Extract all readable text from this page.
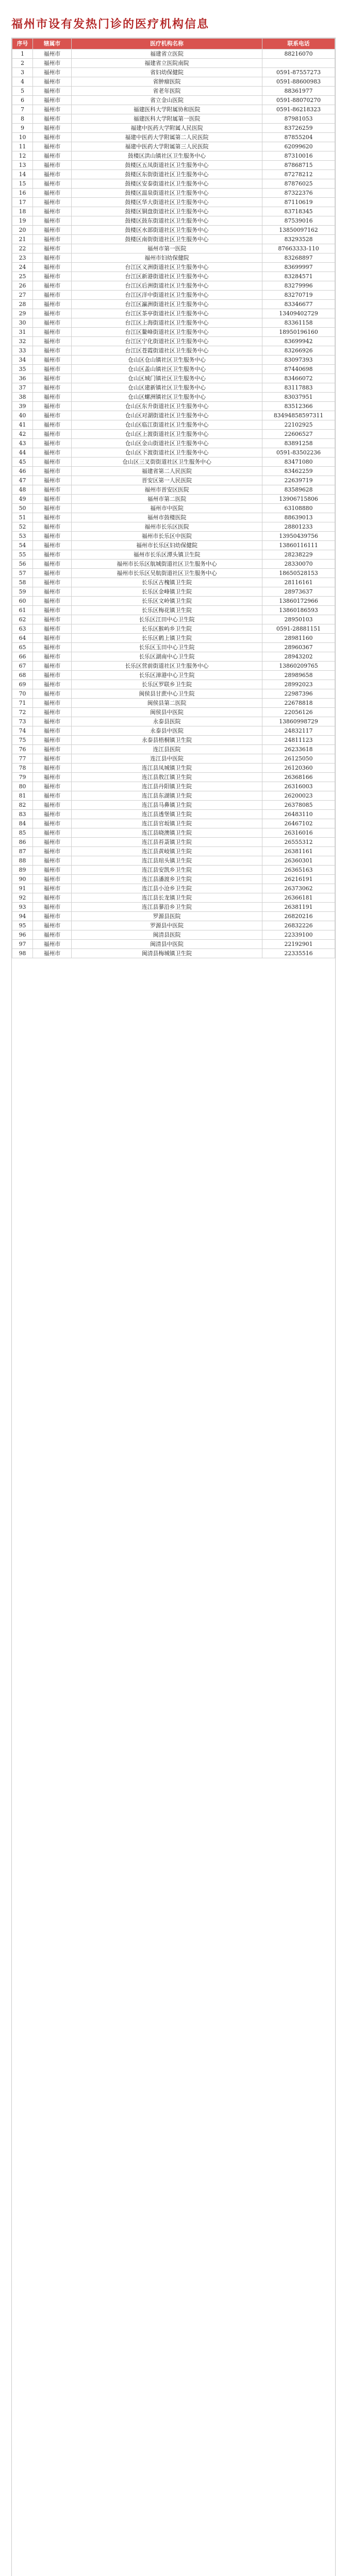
福州市设有发热门诊的医疗机构信息
序号	辖属市	医疗机构名称	联系电话
1	福州市	福建省立医院	88216070
2	福州市	福建省立医院南院	
3	福州市	省妇幼保健院	0591-87557273
4	福州市	省肿瘤医院	0591-88600983
5	福州市	省老年医院	88361977
6	福州市	省立金山医院	0591-88070270
7	福州市	福建医科大学附属协和医院	0591-86218323
8	福州市	福建医科大学附属第一医院	87981053
9	福州市	福建中医药大学附属人民医院	83726259
10	福州市	福建中医药大学附属第二人民医院	87855204
11	福州市	福建中医药大学附属第三人民医院	62099620
12	福州市	鼓楼区洪山镇社区卫生服务中心	87310016
13	福州市	鼓楼区五凤街道社区卫生服务中心	87868715
14	福州市	鼓楼区东街街道社区卫生服务中心	87278212
15	福州市	鼓楼区安泰街道社区卫生服务中心	87876025
16	福州市	鼓楼区温泉街道社区卫生服务中心	87322376
17	福州市	鼓楼区华大街道社区卫生服务中心	87110619
18	福州市	鼓楼区铜盘街道社区卫生服务中心	83718345
19	福州市	鼓楼区鼓东街道社区卫生服务中心	87539016
20	福州市	鼓楼区水部街道社区卫生服务中心	13850097162
21	福州市	鼓楼区南街街道社区卫生服务中心	83293528
22	福州市	福州市第一医院	87663333-110
23	福州市	福州市妇幼保健院	83268897
24	福州市	台江区义洲街道社区卫生服务中心	83699997
25	福州市	台江区新港街道社区卫生服务中心	83284571
26	福州市	台江区后洲街道社区卫生服务中心	83279996
27	福州市	台江区洋中街道社区卫生服务中心	83270719
28	福州市	台江区瀛洲街道社区卫生服务中心	83346677
29	福州市	台江区茶亭街道社区卫生服务中心	13409402729
30	福州市	台江区上海街道社区卫生服务中心	83361158
31	福州市	台江区鳌峰街道社区卫生服务中心	18950196160
32	福州市	台江区宁化街道社区卫生服务中心	83699942
33	福州市	台江区苍霞街道社区卫生服务中心	83266926
34	福州市	仓山区仓山镇社区卫生服务中心	83097393
35	福州市	仓山区盖山镇社区卫生服务中心	87440698
36	福州市	仓山区城门镇社区卫生服务中心	83466072
37	福州市	仓山区建新镇社区卫生服务中心	83117883
38	福州市	仓山区螺洲镇社区卫生服务中心	83037951
39	福州市	仓山区东升街道社区卫生服务中心	83512366
40	福州市	仓山区对湖街道社区卫生服务中心	83494858597311
41	福州市	仓山区临江街道社区卫生服务中心	22102925
42	福州市	仓山区上渡街道社区卫生服务中心	22606527
43	福州市	仓山区金山街道社区卫生服务中心	83891258
44	福州市	仓山区下渡街道社区卫生服务中心	0591-83502236
45	福州市	仓山区三叉街街道社区卫生服务中心	83471080
46	福州市	福建省第二人民医院	83462259
47	福州市	晋安区第一人民医院	22639719
48	福州市	福州市晋安区医院	83589628
49	福州市	福州市第二医院	13906715806
50	福州市	福州市中医院	63108880
51	福州市	福州市鼓楼医院	88639013
52	福州市	福州市长乐区医院	28801233
53	福州市	福州市长乐区中医院	13950439756
54	福州市	福州市长乐区妇幼保健院	13860116111
55	福州市	福州市长乐区潭头镇卫生院	28238229
56	福州市	福州市长乐区航城街道社区卫生服务中心	28330070
57	福州市	福州市长乐区吴航街道社区卫生服务中心	18650528153
58	福州市	长乐区古槐镇卫生院	28116161
59	福州市	长乐区金峰镇卫生院	28973637
60	福州市	长乐区文岭镇卫生院	13860172966
61	福州市	长乐区梅花镇卫生院	13860186593
62	福州市	长乐区江田中心卫生院	28950103
63	福州市	长乐区猴屿乡卫生院	0591-28881151
64	福州市	长乐区鹤上镇卫生院	28981160
65	福州市	长乐区玉田中心卫生院	28960367
66	福州市	长乐区湖南中心卫生院	28943202
67	福州市	长乐区营前街道社区卫生服务中心	13860209765
68	福州市	长乐区漳港中心卫生院	28989658
69	福州市	长乐区罗联乡卫生院	28992023
70	福州市	闽侯县甘蔗中心卫生院	22987396
71	福州市	闽侯县第二医院	22678818
72	福州市	闽侯县中医院	22056126
73	福州市	永泰县医院	13860998729
74	福州市	永泰县中医院	24832117
75	福州市	永泰县梧桐镇卫生院	24811123
76	福州市	连江县医院	26233618
77	福州市	连江县中医院	26125050
78	福州市	连江县凤城镇卫生院	26120360
79	福州市	连江县敖江镇卫生院	26368166
80	福州市	连江县丹阳镇卫生院	26316003
81	福州市	连江县东湖镇卫生院	26200023
82	福州市	连江县马鼻镇卫生院	26378085
83	福州市	连江县透堡镇卫生院	26483110
84	福州市	连江县官坂镇卫生院	26467102
85	福州市	连江县晓澳镇卫生院	26316016
86	福州市	连江县苔菉镇卫生院	26555312
87	福州市	连江县黄岐镇卫生院	26381161
88	福州市	连江县琯头镇卫生院	26360301
89	福州市	连江县安凯乡卫生院	26365163
90	福州市	连江县潘渡乡卫生院	26216191
91	福州市	连江县小沧乡卫生院	26373062
92	福州市	连江县长龙镇卫生院	26366181
93	福州市	连江县蓼沿乡卫生院	26381191
94	福州市	罗源县医院	26820216
95	福州市	罗源县中医院	26832226
96	福州市	闽清县医院	22339100
97	福州市	闽清县中医院	22192901
98	福州市	闽清县梅城镇卫生院	22335516
